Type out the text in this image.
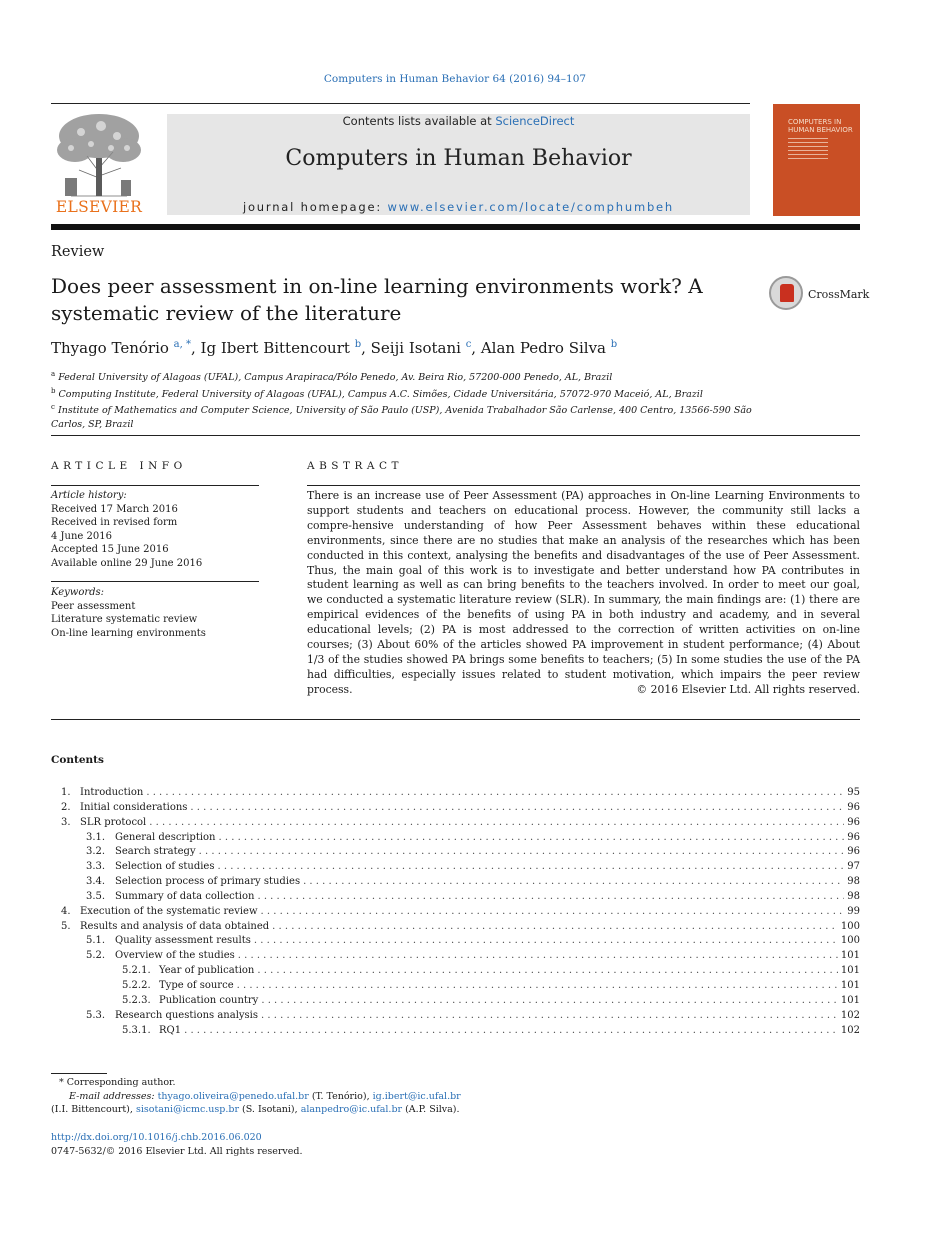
Computers in Human Behavior 64 (2016) 94–107
ELSEVIER
Contents lists available at ScienceDirect
Computers in Human Behavior
journal homepage: www.elsevier.com/locate/comphumbeh
COMPUTERS IN
HUMAN BEHAVIOR
Review
Does peer assessment in on-line learning environments work? A systematic review of the literature
CrossMark
Thyago Tenório $^{a, *}$, Ig Ibert Bittencourt $^b$, Seiji Isotani $^c$, Alan Pedro Silva $^b$
$^a$ Federal University of Alagoas (UFAL), Campus Arapiraca/Pólo Penedo, Av. Beira Rio, 57200-000 Penedo, AL, Brazil
$^b$ Computing Institute, Federal University of Alagoas (UFAL), Campus A.C. Simões, Cidade Universitária, 57072-970 Maceió, AL, Brazil
$^c$ Institute of Mathematics and Computer Science, University of São Paulo (USP), Avenida Trabalhador São Carlense, 400 Centro, 13566-590 São Carlos, SP, Brazil
ARTICLE INFO	ABSTRACT
Article history:
Received 17 March 2016
Received in revised form
4 June 2016
Accepted 15 June 2016
Available online 29 June 2016
Keywords:
Peer assessment
Literature systematic review
On-line learning environments
There is an increase use of Peer Assessment (PA) approaches in On-line Learning Environments to support students and teachers on educational process. However, the community still lacks a compre-hensive understanding of how Peer Assessment behaves within these educational environments, since there are no studies that make an analysis of the researches which has been conducted in this context, analysing the benefits and disadvantages of the use of Peer Assessment. Thus, the main goal of this work is to investigate and better understand how PA contributes in student learning as well as can bring benefits to the teachers involved. In order to meet our goal, we conducted a systematic literature review (SLR). In summary, the main findings are: (1) there are empirical evidences of the benefits of using PA in both industry and academy, and in several educational levels; (2) PA is most addressed to the correction of written activities on on-line courses; (3) About 60% of the articles showed PA improvement in student performance; (4) About 1/3 of the studies showed PA brings some benefits to teachers; (5) In some studies the use of the PA had difficulties, especially issues related to student motivation, which impairs the peer review process.	© 2016 Elsevier Ltd. All rights reserved.
Contents
1. Introduction . . .	95
2. Initial considerations . . .	96
3. SLR protocol . . .	96
3.1. General description . . .	96
3.2. Search strategy . . .	96
3.3. Selection of studies . . .	97
3.4. Selection process of primary studies . . .	98
3.5. Summary of data collection . . .	98
4. Execution of the systematic review . . .	99
5. Results and analysis of data obtained . . .	100
5.1. Quality assessment results . . .	100
5.2. Overview of the studies . . .	101
5.2.1. Year of publication . . .	101
5.2.2. Type of source . . .	101
5.2.3. Publication country . . .	101
5.3. Research questions analysis . . .	102
5.3.1. RQ1 . . .	102
* Corresponding author.
E-mail addresses: thyago.oliveira@penedo.ufal.br (T. Tenório), ig.ibert@ic.ufal.br
(I.I. Bittencourt), sisotani@icmc.usp.br (S. Isotani), alanpedro@ic.ufal.br (A.P. Silva).
http://dx.doi.org/10.1016/j.chb.2016.06.020
0747-5632/© 2016 Elsevier Ltd. All rights reserved.
